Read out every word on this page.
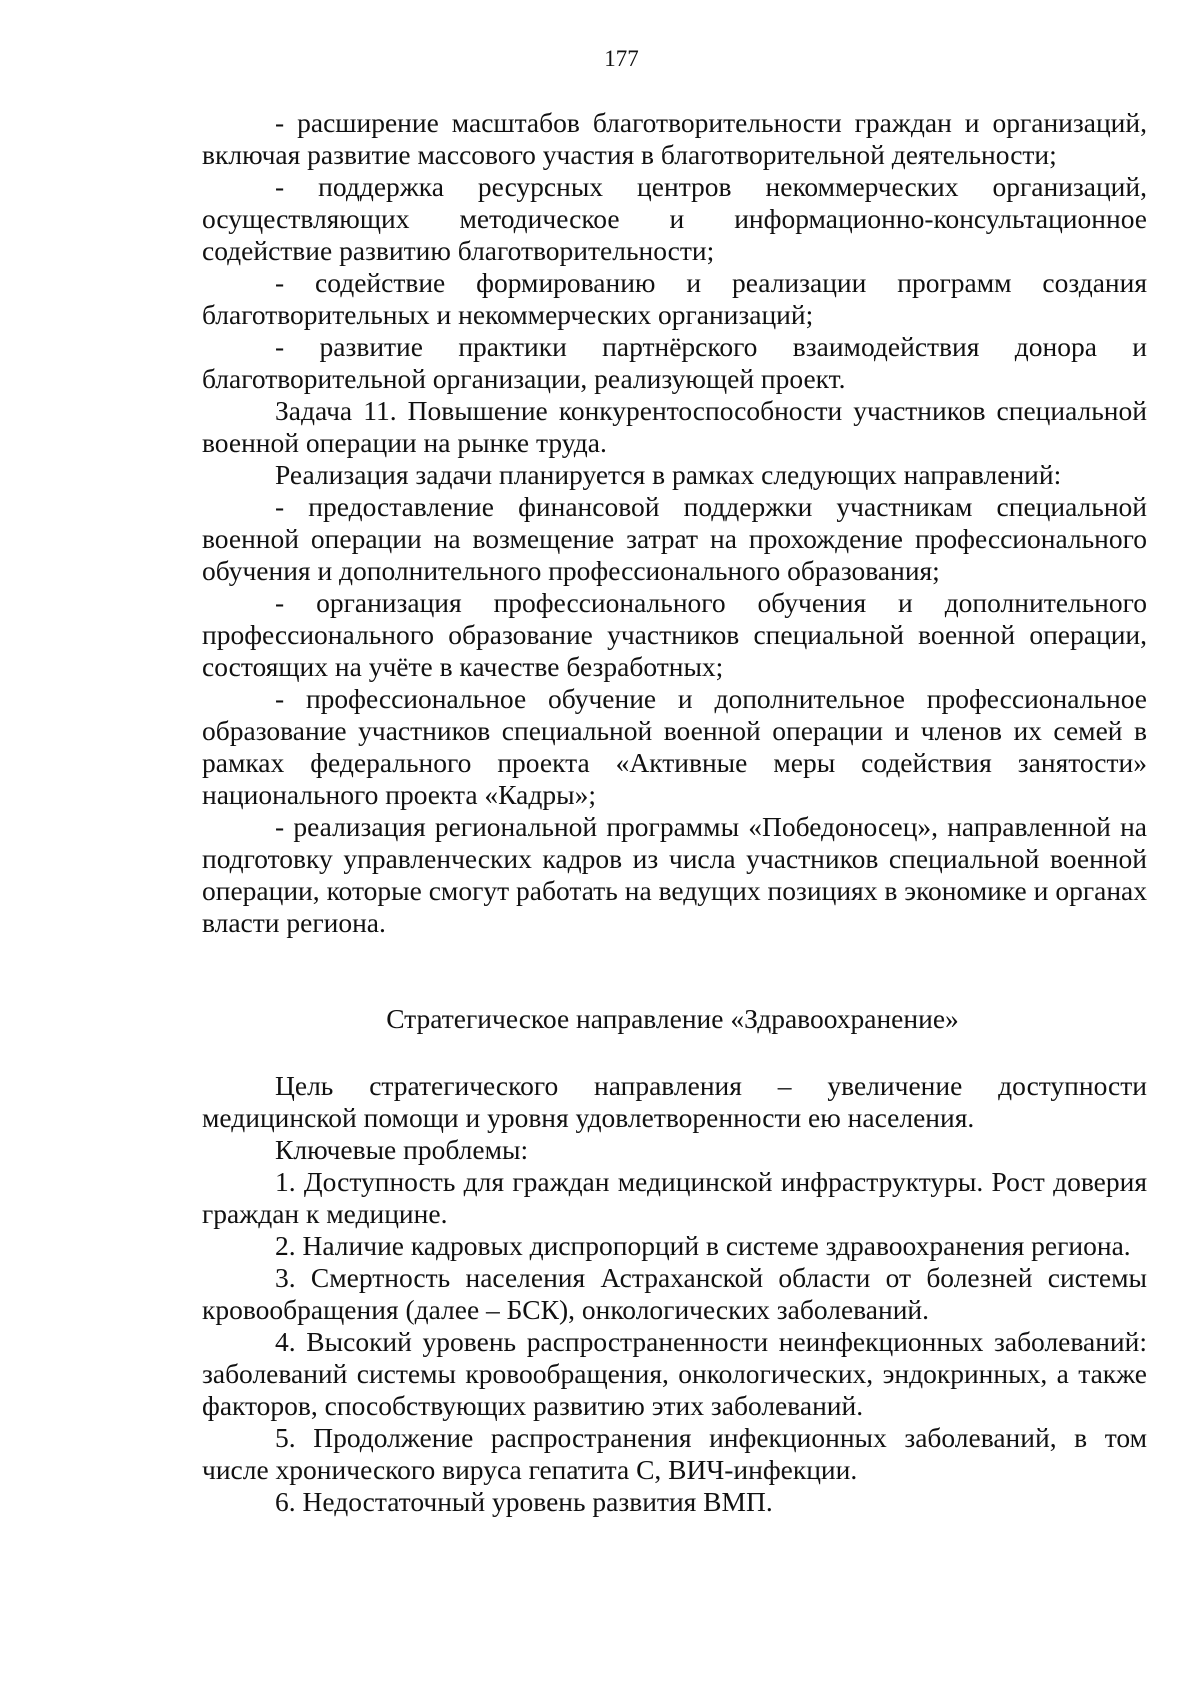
177

- расширение масштабов благотворительности граждан и организаций, включая развитие массового участия в благотворительной деятельности;

- поддержка ресурсных центров некоммерческих организаций, осуществляющих методическое и информационно-консультационное содействие развитию благотворительности;

- содействие формированию и реализации программ создания благотворительных и некоммерческих организаций;

- развитие практики партнёрского взаимодействия донора и благотворительной организации, реализующей проект.

Задача 11. Повышение конкурентоспособности участников специальной военной операции на рынке труда.

Реализация задачи планируется в рамках следующих направлений:

- предоставление финансовой поддержки участникам специальной военной операции на возмещение затрат на прохождение профессионального обучения и дополнительного профессионального образования;

- организация профессионального обучения и дополнительного профессионального образование участников специальной военной операции, состоящих на учёте в качестве безработных;

- профессиональное обучение и дополнительное профессиональное образование участников специальной военной операции и членов их семей в рамках федерального проекта «Активные меры содействия занятости» национального проекта «Кадры»;

- реализация региональной программы «Победоносец», направленной на подготовку управленческих кадров из числа участников специальной военной операции, которые смогут работать на ведущих позициях в экономике и органах власти региона.

Стратегическое направление «Здравоохранение»

Цель стратегического направления – увеличение доступности медицинской помощи и уровня удовлетворенности ею населения.

Ключевые проблемы:

1. Доступность для граждан медицинской инфраструктуры. Рост доверия граждан к медицине.

2. Наличие кадровых диспропорций в системе здравоохранения региона.

3. Смертность населения Астраханской области от болезней системы кровообращения (далее – БСК), онкологических заболеваний.

4. Высокий уровень распространенности неинфекционных заболеваний: заболеваний системы кровообращения, онкологических, эндокринных, а также факторов, способствующих развитию этих заболеваний.

5. Продолжение распространения инфекционных заболеваний, в том числе хронического вируса гепатита С, ВИЧ-инфекции.

6. Недостаточный уровень развития ВМП.
